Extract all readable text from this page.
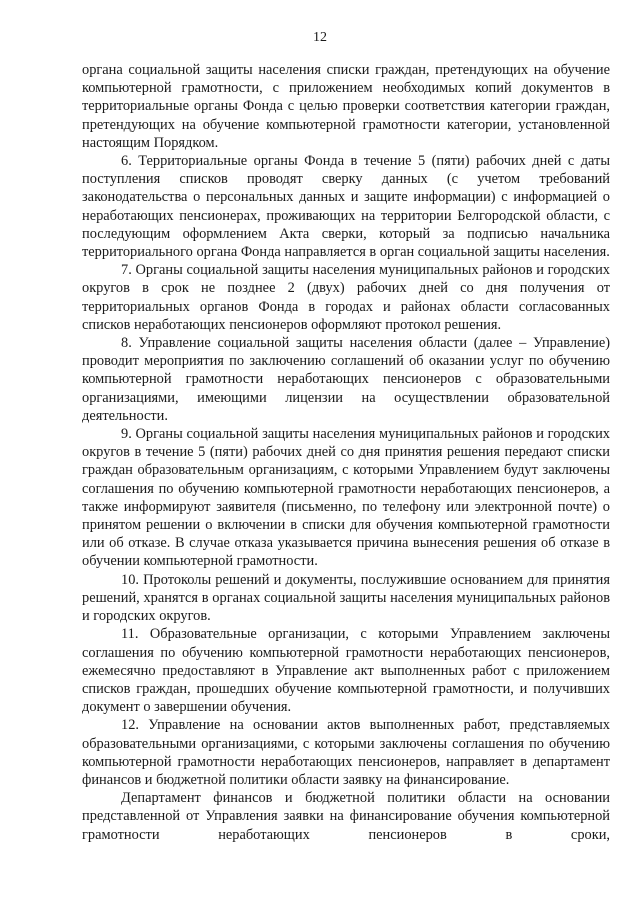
12

органа социальной защиты населения списки граждан, претендующих на обучение компьютерной грамотности, с приложением необходимых копий документов в территориальные органы Фонда с целью проверки соответствия категории граждан, претендующих на обучение компьютерной грамотности категории, установленной настоящим Порядком.

6. Территориальные органы Фонда в течение 5 (пяти) рабочих дней с даты поступления списков проводят сверку данных (с учетом требований законодательства о персональных данных и защите информации) с информацией о неработающих пенсионерах, проживающих на территории Белгородской области, с последующим оформлением Акта сверки, который за подписью начальника территориального органа Фонда направляется в орган социальной защиты населения.

7. Органы социальной защиты населения муниципальных районов и городских округов в срок не позднее 2 (двух) рабочих дней со дня получения от территориальных органов Фонда в городах и районах области согласованных списков неработающих пенсионеров оформляют протокол решения.

8. Управление социальной защиты населения области (далее – Управление) проводит мероприятия по заключению соглашений об оказании услуг по обучению компьютерной грамотности неработающих пенсионеров с образовательными организациями, имеющими лицензии на осуществлении образовательной деятельности.

9. Органы социальной защиты населения муниципальных районов и городских округов в течение 5 (пяти) рабочих дней со дня принятия решения передают списки граждан образовательным организациям, с которыми Управлением будут заключены соглашения по обучению компьютерной грамотности неработающих пенсионеров, а также информируют заявителя (письменно, по телефону или электронной почте) о принятом решении о включении в списки для обучения компьютерной грамотности или об отказе. В случае отказа указывается причина вынесения решения об отказе в обучении компьютерной грамотности.

10. Протоколы решений и документы, послужившие основанием для принятия решений, хранятся в органах социальной защиты населения муниципальных районов и городских округов.

11. Образовательные организации, с которыми Управлением заключены соглашения по обучению компьютерной грамотности неработающих пенсионеров, ежемесячно предоставляют в Управление акт выполненных работ с приложением списков граждан, прошедших обучение компьютерной грамотности, и получивших документ о завершении обучения.

12. Управление на основании актов выполненных работ, представляемых образовательными организациями, с которыми заключены соглашения по обучению компьютерной грамотности неработающих пенсионеров, направляет в департамент финансов и бюджетной политики области заявку на финансирование.

Департамент финансов и бюджетной политики области на основании представленной от Управления заявки на финансирование обучения компьютерной грамотности неработающих пенсионеров в сроки,
